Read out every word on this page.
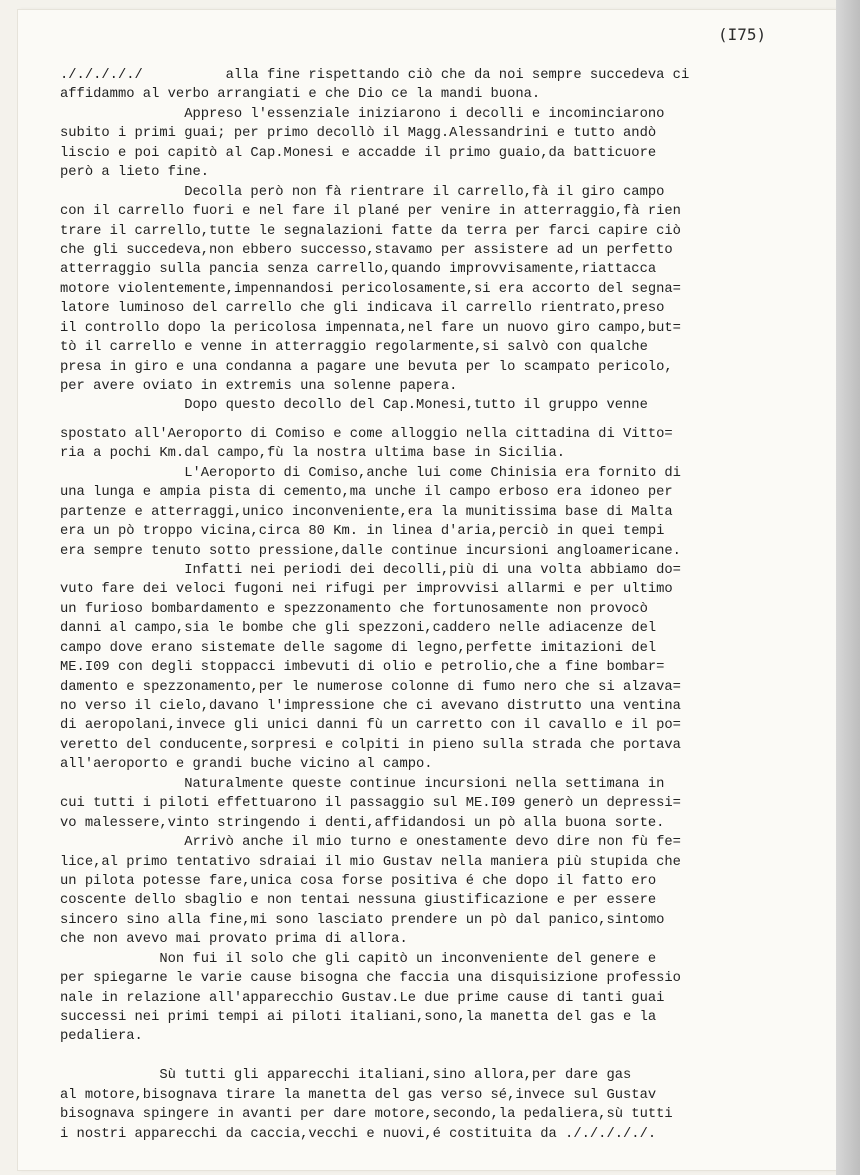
(I75)
./././././          alla fine rispettando ciò che da noi sempre succedeva ci
affidammo al verbo arrangiati e che Dio ce la mandi buona.
Appreso l'essenziale iniziarono i decolli e incominciarono
subito i primi guai; per primo decollò il Magg.Alessandrini e tutto andò
liscio e poi capitò al Cap.Monesi e accadde il primo guaio,da batticuore
però a lieto fine.
Decolla però non fà rientrare il carrello,fà il giro campo
con il carrello fuori e nel fare il plané per venire in atterraggio,fà rien
trare il carrello,tutte le segnalazioni fatte da terra per farci capire ciò
che gli succedeva,non ebbero successo,stavamo per assistere ad un perfetto
atterraggio sulla pancia senza carrello,quando improvvisamente,riattacca
motore violentemente,impennandosi pericolosamente,si era accorto del segna=
latore luminoso del carrello che gli indicava il carrello rientrato,preso
il controllo dopo la pericolosa impennata,nel fare un nuovo giro campo,but=
tò il carrello e venne in atterraggio regolarmente,si salvò con qualche
presa in giro e una condanna a pagare une bevuta per lo scampato pericolo,
per avere oviato in extremis una solenne papera.
Dopo questo decollo del Cap.Monesi,tutto il gruppo venne
spostato all'Aeroporto di Comiso e come alloggio nella cittadina di Vitto=
ria a pochi Km.dal campo,fù la nostra ultima base in Sicilia.
L'Aeroporto di Comiso,anche lui come Chinisia era fornito di
una lunga e ampia pista di cemento,ma unche il campo erboso era idoneo per
partenze e atterraggi,unico inconveniente,era la munitissima base di Malta
era un pò troppo vicina,circa 80 Km. in linea d'aria,perciò in quei tempi
era sempre tenuto sotto pressione,dalle continue incursioni angloamericane.
Infatti nei periodi dei decolli,più di una volta abbiamo do=
vuto fare dei veloci fugoni nei rifugi per improvvisi allarmi e per ultimo
un furioso bombardamento e spezzonamento che fortunosamente non provocò
danni al campo,sia le bombe che gli spezzoni,caddero nelle adiacenze del
campo dove erano sistemate delle sagome di legno,perfette imitazioni del
ME.I09 con degli stoppacci imbevuti di olio e petrolio,che a fine bombar=
damento e spezzonamento,per le numerose colonne di fumo nero che si alzava=
no verso il cielo,davano l'impressione che ci avevano distrutto una ventina
di aeropolani,invece gli unici danni fù un carretto con il cavallo e il po=
veretto del conducente,sorpresi e colpiti in pieno sulla strada che portava
all'aeroporto e grandi buche vicino al campo.
Naturalmente queste continue incursioni nella settimana in
cui tutti i piloti effettuarono il passaggio sul ME.I09 generò un depressi=
vo malessere,vinto stringendo i denti,affidandosi un pò alla buona sorte.
Arrivò anche il mio turno e onestamente devo dire non fù fe=
lice,al primo tentativo sdraiai il mio Gustav nella maniera più stupida che
un pilota potesse fare,unica cosa forse positiva é che dopo il fatto ero
coscente dello sbaglio e non tentai nessuna giustificazione e per essere
sincero sino alla fine,mi sono lasciato prendere un pò dal panico,sintomo
che non avevo mai provato prima di allora.
Non fui il solo che gli capitò un inconveniente del genere e
per spiegarne le varie cause bisogna che faccia una disquisizione professio
nale in relazione all'apparecchio Gustav.Le due prime cause di tanti guai
successi nei primi tempi ai piloti italiani,sono,la manetta del gas e la
pedaliera.
Sù tutti gli apparecchi italiani,sino allora,per dare gas
al motore,bisognava tirare la manetta del gas verso sé,invece sul Gustav
bisognava spingere in avanti per dare motore,secondo,la pedaliera,sù tutti
i nostri apparecchi da caccia,vecchi e nuovi,é costituita da ./././././.
